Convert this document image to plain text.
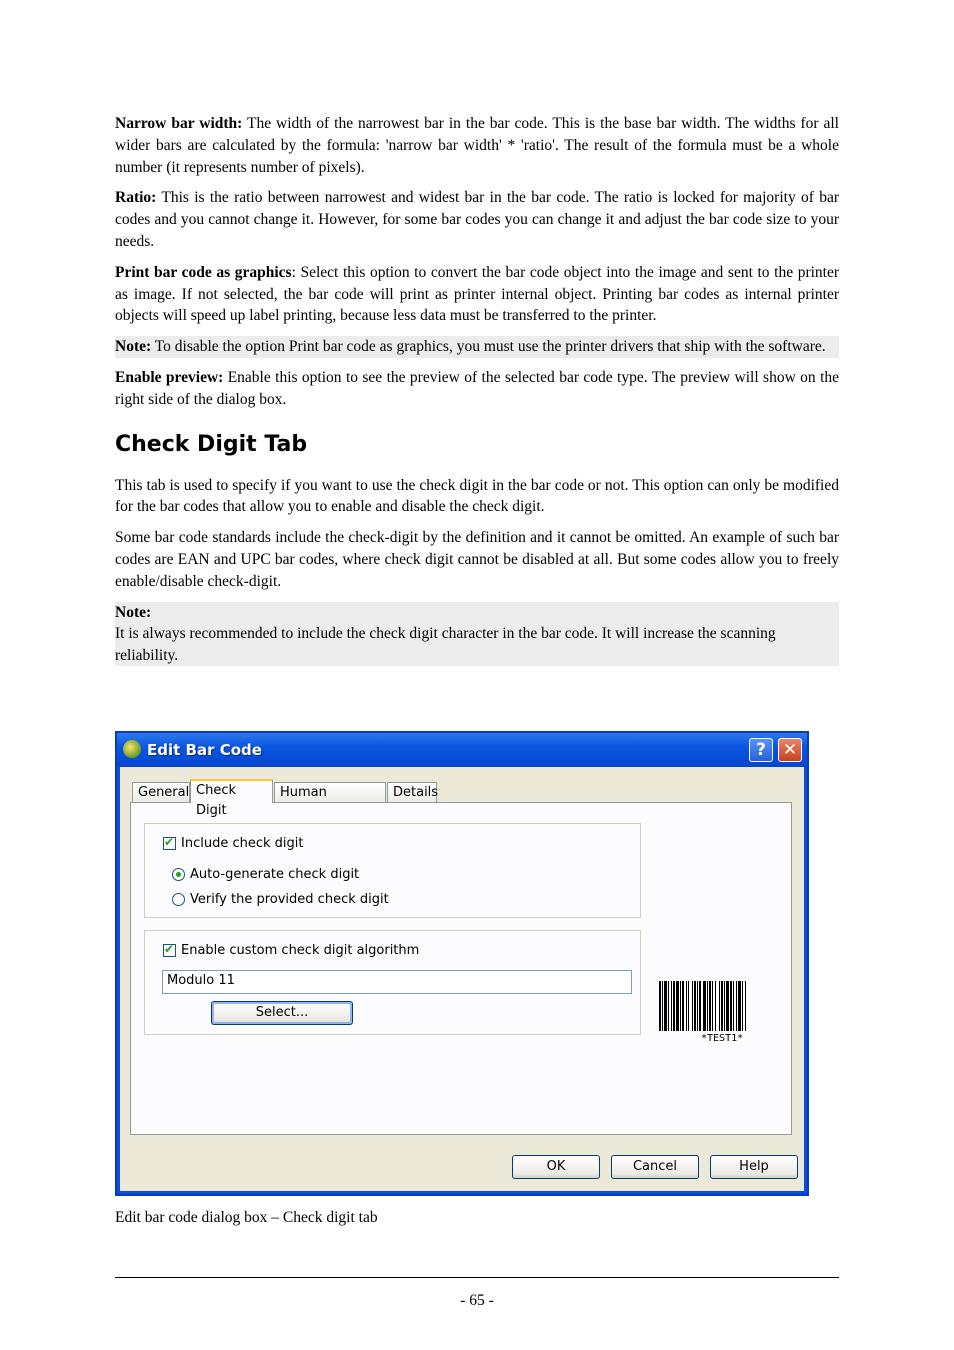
Narrow bar width: The width of the narrowest bar in the bar code. This is the base bar width. The widths for all wider bars are calculated by the formula: 'narrow bar width' * 'ratio'. The result of the formula must be a whole number (it represents number of pixels).

Ratio: This is the ratio between narrowest and widest bar in the bar code. The ratio is locked for majority of bar codes and you cannot change it. However, for some bar codes you can change it and adjust the bar code size to your needs.

Print bar code as graphics: Select this option to convert the bar code object into the image and sent to the printer as image. If not selected, the bar code will print as printer internal object. Printing bar codes as internal printer objects will speed up label printing, because less data must be transferred to the printer.

Note: To disable the option Print bar code as graphics, you must use the printer drivers that ship with the software.

Enable preview: Enable this option to see the preview of the selected bar code type. The preview will show on the right side of the dialog box.

Check Digit Tab

This tab is used to specify if you want to use the check digit in the bar code or not. This option can only be modified for the bar codes that allow you to enable and disable the check digit.

Some bar code standards include the check-digit by the definition and it cannot be omitted. An example of such bar codes are EAN and UPC bar codes, where check digit cannot be disabled at all. But some codes allow you to freely enable/disable check-digit.

Note:
It is always recommended to include the check digit character in the bar code. It will increase the scanning reliability.
Edit Bar Code	? ✕
General Check Digit
Human	Details
✔
Include check digit
Auto-generate check digit
Verify the provided check digit
✔
Enable custom check digit algorithm
Modulo 11
Select...
*TEST1*
OK	Cancel	Help
Edit bar code dialog box – Check digit tab
- 65 -
